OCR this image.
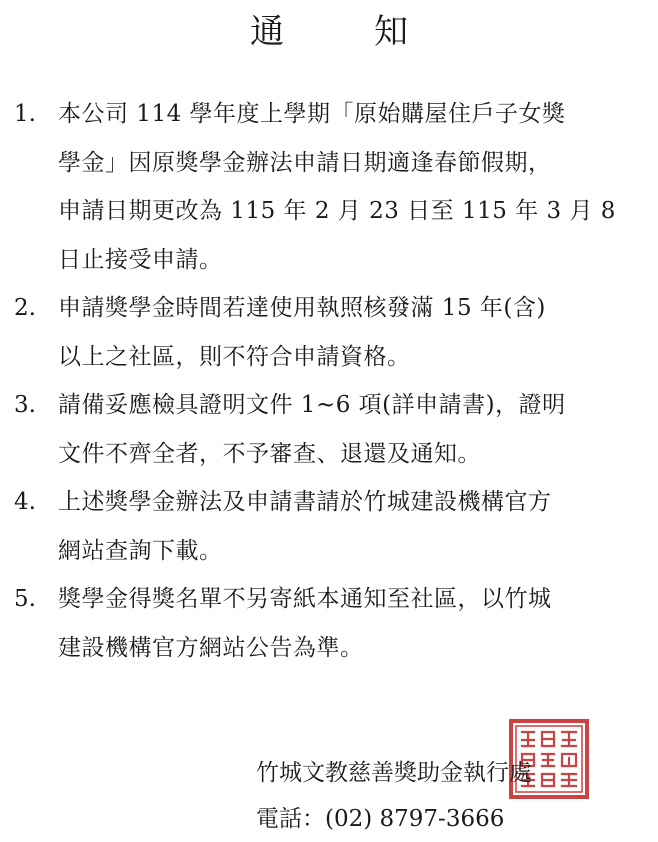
通知
1. 本公司 114 學年度上學期「原始購屋住戶子女獎
學金」因原獎學金辦法申請日期適逢春節假期，
申請日期更改為 115 年 2 月 23 日至 115 年 3 月 8
日止接受申請。
2. 申請獎學金時間若達使用執照核發滿 15 年(含)
以上之社區，則不符合申請資格。
3. 請備妥應檢具證明文件 1~6 項(詳申請書)，證明
文件不齊全者，不予審查、退還及通知。
4. 上述獎學金辦法及申請書請於竹城建設機構官方
網站查詢下載。
5. 獎學金得獎名單不另寄紙本通知至社區，以竹城
建設機構官方網站公告為準。
竹城文教慈善獎助金執行處
電話：(02) 8797-3666
